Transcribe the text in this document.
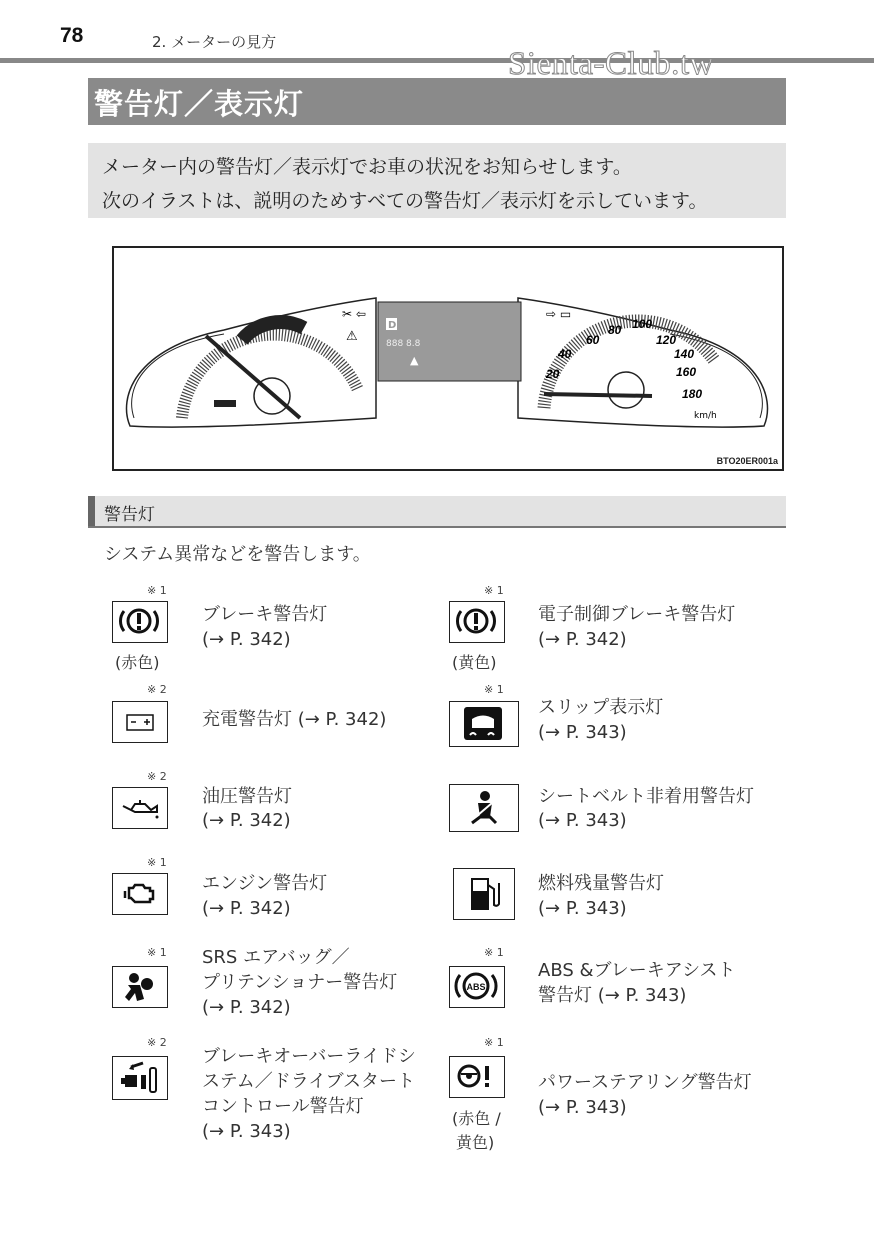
78	2. メーターの見方
警告灯／表示灯
Sienta-Club.tw

メーター内の警告灯／表示灯でお車の状況をお知らせします。

次のイラストは、説明のためすべての警告灯／表示灯を示しています。

✂ ⇦
⚠
D
888 8.8
▲
20
40
60
80 100
120
140
160
180
⇨ ▭
km/h
BTO20ER001a
警告灯
システム異常などを警告します。
※ 1
(赤色)
ブレーキ警告灯
(→ P. 342)
※ 1
(黄色)
電子制御ブレーキ警告灯
(→ P. 342)
※ 2
充電警告灯 (→ P. 342)
※ 1
スリップ表示灯
(→ P. 343)
※ 2
油圧警告灯
(→ P. 342)
シートベルト非着用警告灯
(→ P. 343)
※ 1
エンジン警告灯
(→ P. 342)
燃料残量警告灯
(→ P. 343)
※ 1 SRS エアバッグ／
プリテンショナー警告灯
(→ P. 342)
※ 1
ABS
ABS &ブレーキアシスト
警告灯 (→ P. 343)
※ 2
ブレーキオーバーライドシ
ステム／ドライブスタート
コントロール警告灯
(→ P. 343)
※ 1
(赤色 /
黄色)
パワーステアリング警告灯
(→ P. 343)
